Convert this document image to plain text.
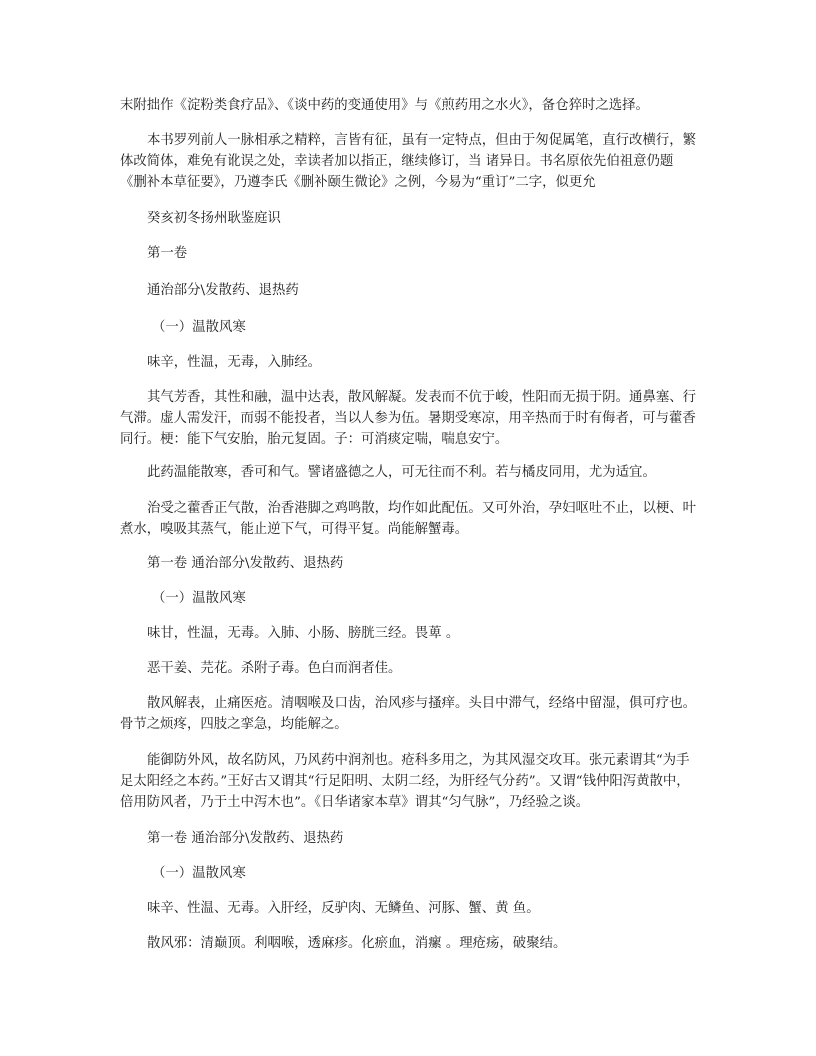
末附拙作《淀粉类食疗品》、《谈中药的变通使用》与《煎药用之水火》，备仓猝时之选择。

本书罗列前人一脉相承之精粹，言皆有征，虽有一定特点，但由于匆促属笔，直行改横行，繁体改简体，难免有讹误之处，幸读者加以指正，继续修订，当 诸异日。书名原依先伯祖意仍题《删补本草征要》，乃遵李氏《删补颐生微论》之例，今易为“重订”二字，似更允

癸亥初冬扬州耿鉴庭识

第一卷

通治部分\发散药、退热药

（一）温散风寒

味辛，性温，无毒，入肺经。

其气芳香，其性和融，温中达表，散风解凝。发表而不伉于峻，性阳而无损于阴。通鼻塞、行气滞。虚人需发汗，而弱不能投者，当以人参为伍。暑期受寒凉，用辛热而于时有侮者，可与藿香同行。梗：能下气安胎，胎元复固。子：可消痰定喘，喘息安宁。

此药温能散寒，香可和气。譬诸盛德之人，可无往而不利。若与橘皮同用，尤为适宜。

治受之藿香正气散，治香港脚之鸡鸣散，均作如此配伍。又可外治，孕妇呕吐不止，以梗、叶煮水，嗅吸其蒸气，能止逆下气，可得平复。尚能解蟹毒。

第一卷 通治部分\发散药、退热药

（一）温散风寒

味甘，性温，无毒。入肺、小肠、膀胱三经。畏萆 。

恶干姜、芫花。杀附子毒。色白而润者佳。

散风解表，止痛医疮。清咽喉及口齿，治风疹与搔痒。头目中滞气，经络中留湿，俱可疗也。骨节之烦疼，四肢之挛急，均能解之。

能御防外风，故名防风，乃风药中润剂也。疮科多用之，为其风湿交攻耳。张元素谓其“为手足太阳经之本药。”王好古又谓其“行足阳明、太阴二经，为肝经气分药”。又谓“钱仲阳泻黄散中，倍用防风者，乃于土中泻木也”。《日华诸家本草》谓其“匀气脉”，乃经验之谈。

第一卷 通治部分\发散药、退热药

（一）温散风寒

味辛、性温、无毒。入肝经，反驴肉、无鳞鱼、河豚、蟹、黄 鱼。

散风邪：清巅顶。利咽喉，透麻疹。化瘀血，消瘰 。理疮疡，破聚结。
